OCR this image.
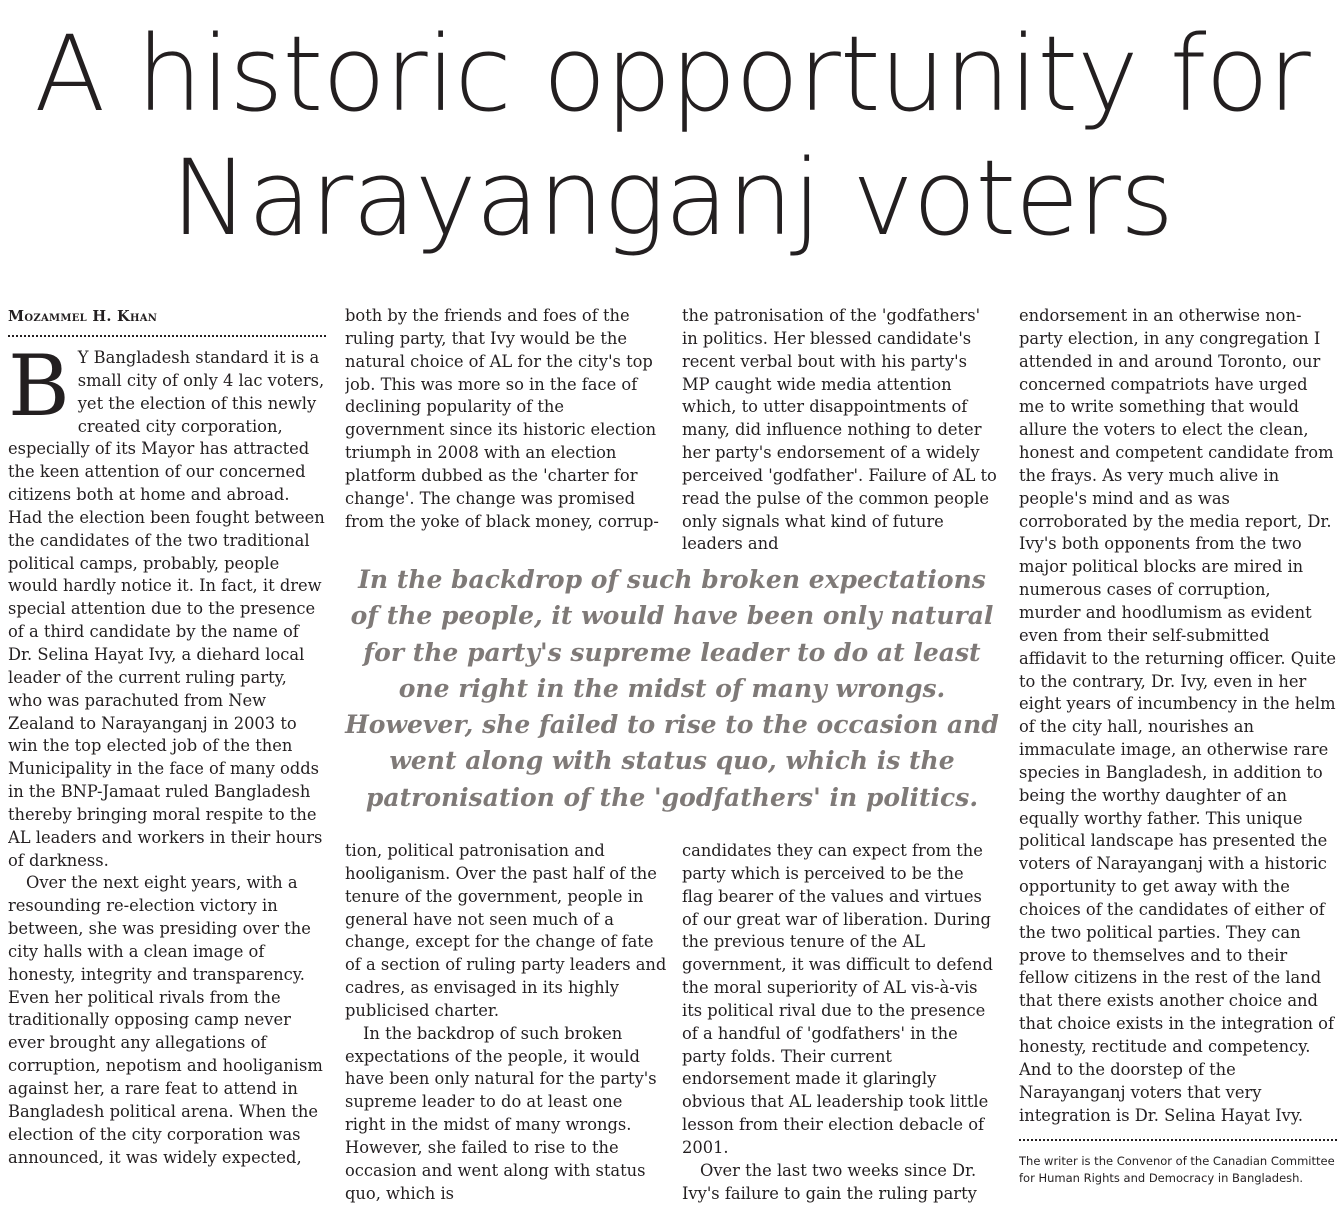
A historic opportunity for
Narayanganj voters
Mozammel H. Khan

B Y Bangladesh standard it is a small city of only 4 lac voters, yet the election of this newly created city corporation, especially of its Mayor has attracted the keen attention of our concerned citizens both at home and abroad. Had the election been fought between the candidates of the two traditional political camps, probably, people would hardly notice it. In fact, it drew special attention due to the presence of a third candidate by the name of Dr. Selina Hayat Ivy, a diehard local leader of the current ruling party, who was parachuted from New Zealand to Narayanganj in 2003 to win the top elected job of the then Municipality in the face of many odds in the BNP-Jamaat ruled Bangladesh thereby bringing moral respite to the AL leaders and workers in their hours of darkness.

Over the next eight years, with a resounding re-election victory in between, she was presiding over the city halls with a clean image of honesty, integrity and transparency. Even her political rivals from the traditionally opposing camp never ever brought any allegations of corruption, nepotism and hooliganism against her, a rare feat to attend in Bangladesh political arena. When the election of the city corporation was announced, it was widely expected,

both by the friends and foes of the ruling party, that Ivy would be the natural choice of AL for the city's top job. This was more so in the face of declining popularity of the government since its historic election triumph in 2008 with an election platform dubbed as the 'charter for change'. The change was promised from the yoke of black money, corrup-

tion, political patronisation and hooliganism. Over the past half of the tenure of the government, people in general have not seen much of a change, except for the change of fate of a section of ruling party leaders and cadres, as envisaged in its highly publicised charter.

In the backdrop of such broken expectations of the people, it would have been only natural for the party's supreme leader to do at least one right in the midst of many wrongs. However, she failed to rise to the occasion and went along with status quo, which is

the patronisation of the 'godfathers' in politics. Her blessed candidate's recent verbal bout with his party's MP caught wide media attention which, to utter disappointments of many, did influence nothing to deter her party's endorsement of a widely perceived 'godfather'. Failure of AL to read the pulse of the common people only signals what kind of future leaders and

candidates they can expect from the party which is perceived to be the flag bearer of the values and virtues of our great war of liberation. During the previous tenure of the AL government, it was difficult to defend the moral superiority of AL vis-à-vis its political rival due to the presence of a handful of 'godfathers' in the party folds. Their current endorsement made it glaringly obvious that AL leadership took little lesson from their election debacle of 2001.

Over the last two weeks since Dr. Ivy's failure to gain the ruling party

In the backdrop of such broken expectations of the people, it would have been only natural for the party's supreme leader to do at least one right in the midst of many wrongs. However, she failed to rise to the occasion and went along with status quo, which is the patronisation of the 'godfathers' in politics.

endorsement in an otherwise non-party election, in any congregation I attended in and around Toronto, our concerned compatriots have urged me to write something that would allure the voters to elect the clean, honest and competent candidate from the frays. As very much alive in people's mind and as was corroborated by the media report, Dr. Ivy's both opponents from the two major political blocks are mired in numerous cases of corruption, murder and hoodlumism as evident even from their self-submitted affidavit to the returning officer. Quite to the contrary, Dr. Ivy, even in her eight years of incumbency in the helm of the city hall, nourishes an immaculate image, an otherwise rare species in Bangladesh, in addition to being the worthy daughter of an equally worthy father. This unique political landscape has presented the voters of Narayanganj with a historic opportunity to get away with the choices of the candidates of either of the two political parties. They can prove to themselves and to their fellow citizens in the rest of the land that there exists another choice and that choice exists in the integration of honesty, rectitude and competency. And to the doorstep of the Narayanganj voters that very integration is Dr. Selina Hayat Ivy.

The writer is the Convenor of the Canadian Committee for Human Rights and Democracy in Bangladesh.
